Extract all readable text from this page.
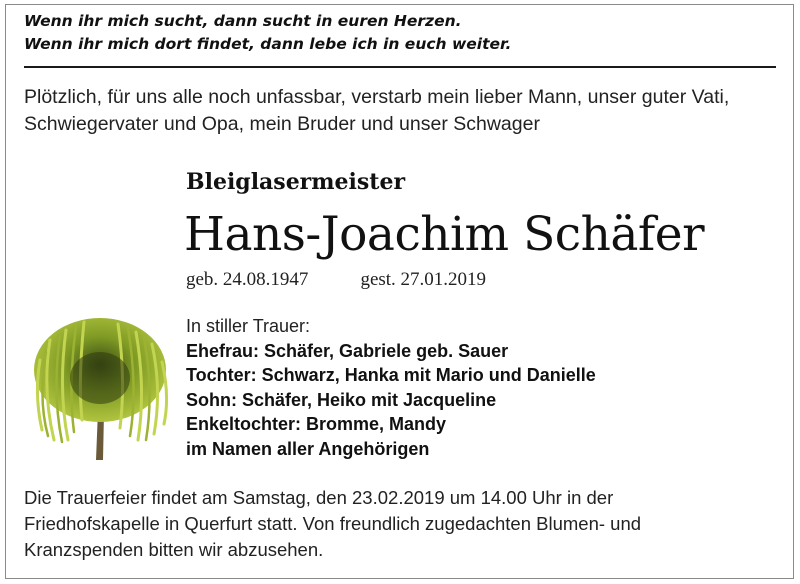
Wenn ihr mich sucht, dann sucht in euren Herzen.
Wenn ihr mich dort findet, dann lebe ich in euch weiter.
Plötzlich, für uns alle noch unfassbar, verstarb mein lieber Mann, unser guter Vati,
Schwiegervater und Opa, mein Bruder und unser Schwager
Bleiglasermeister
Hans-Joachim Schäfer
geb. 24.08.1947	gest. 27.01.2019
In stiller Trauer:
Ehefrau: Schäfer, Gabriele geb. Sauer
Tochter: Schwarz, Hanka mit Mario und Danielle
Sohn: Schäfer, Heiko mit Jacqueline
Enkeltochter: Bromme, Mandy
im Namen aller Angehörigen
Die Trauerfeier findet am Samstag, den 23.02.2019 um 14.00 Uhr in der
Friedhofskapelle in Querfurt statt. Von freundlich zugedachten Blumen- und
Kranzspenden bitten wir abzusehen.
